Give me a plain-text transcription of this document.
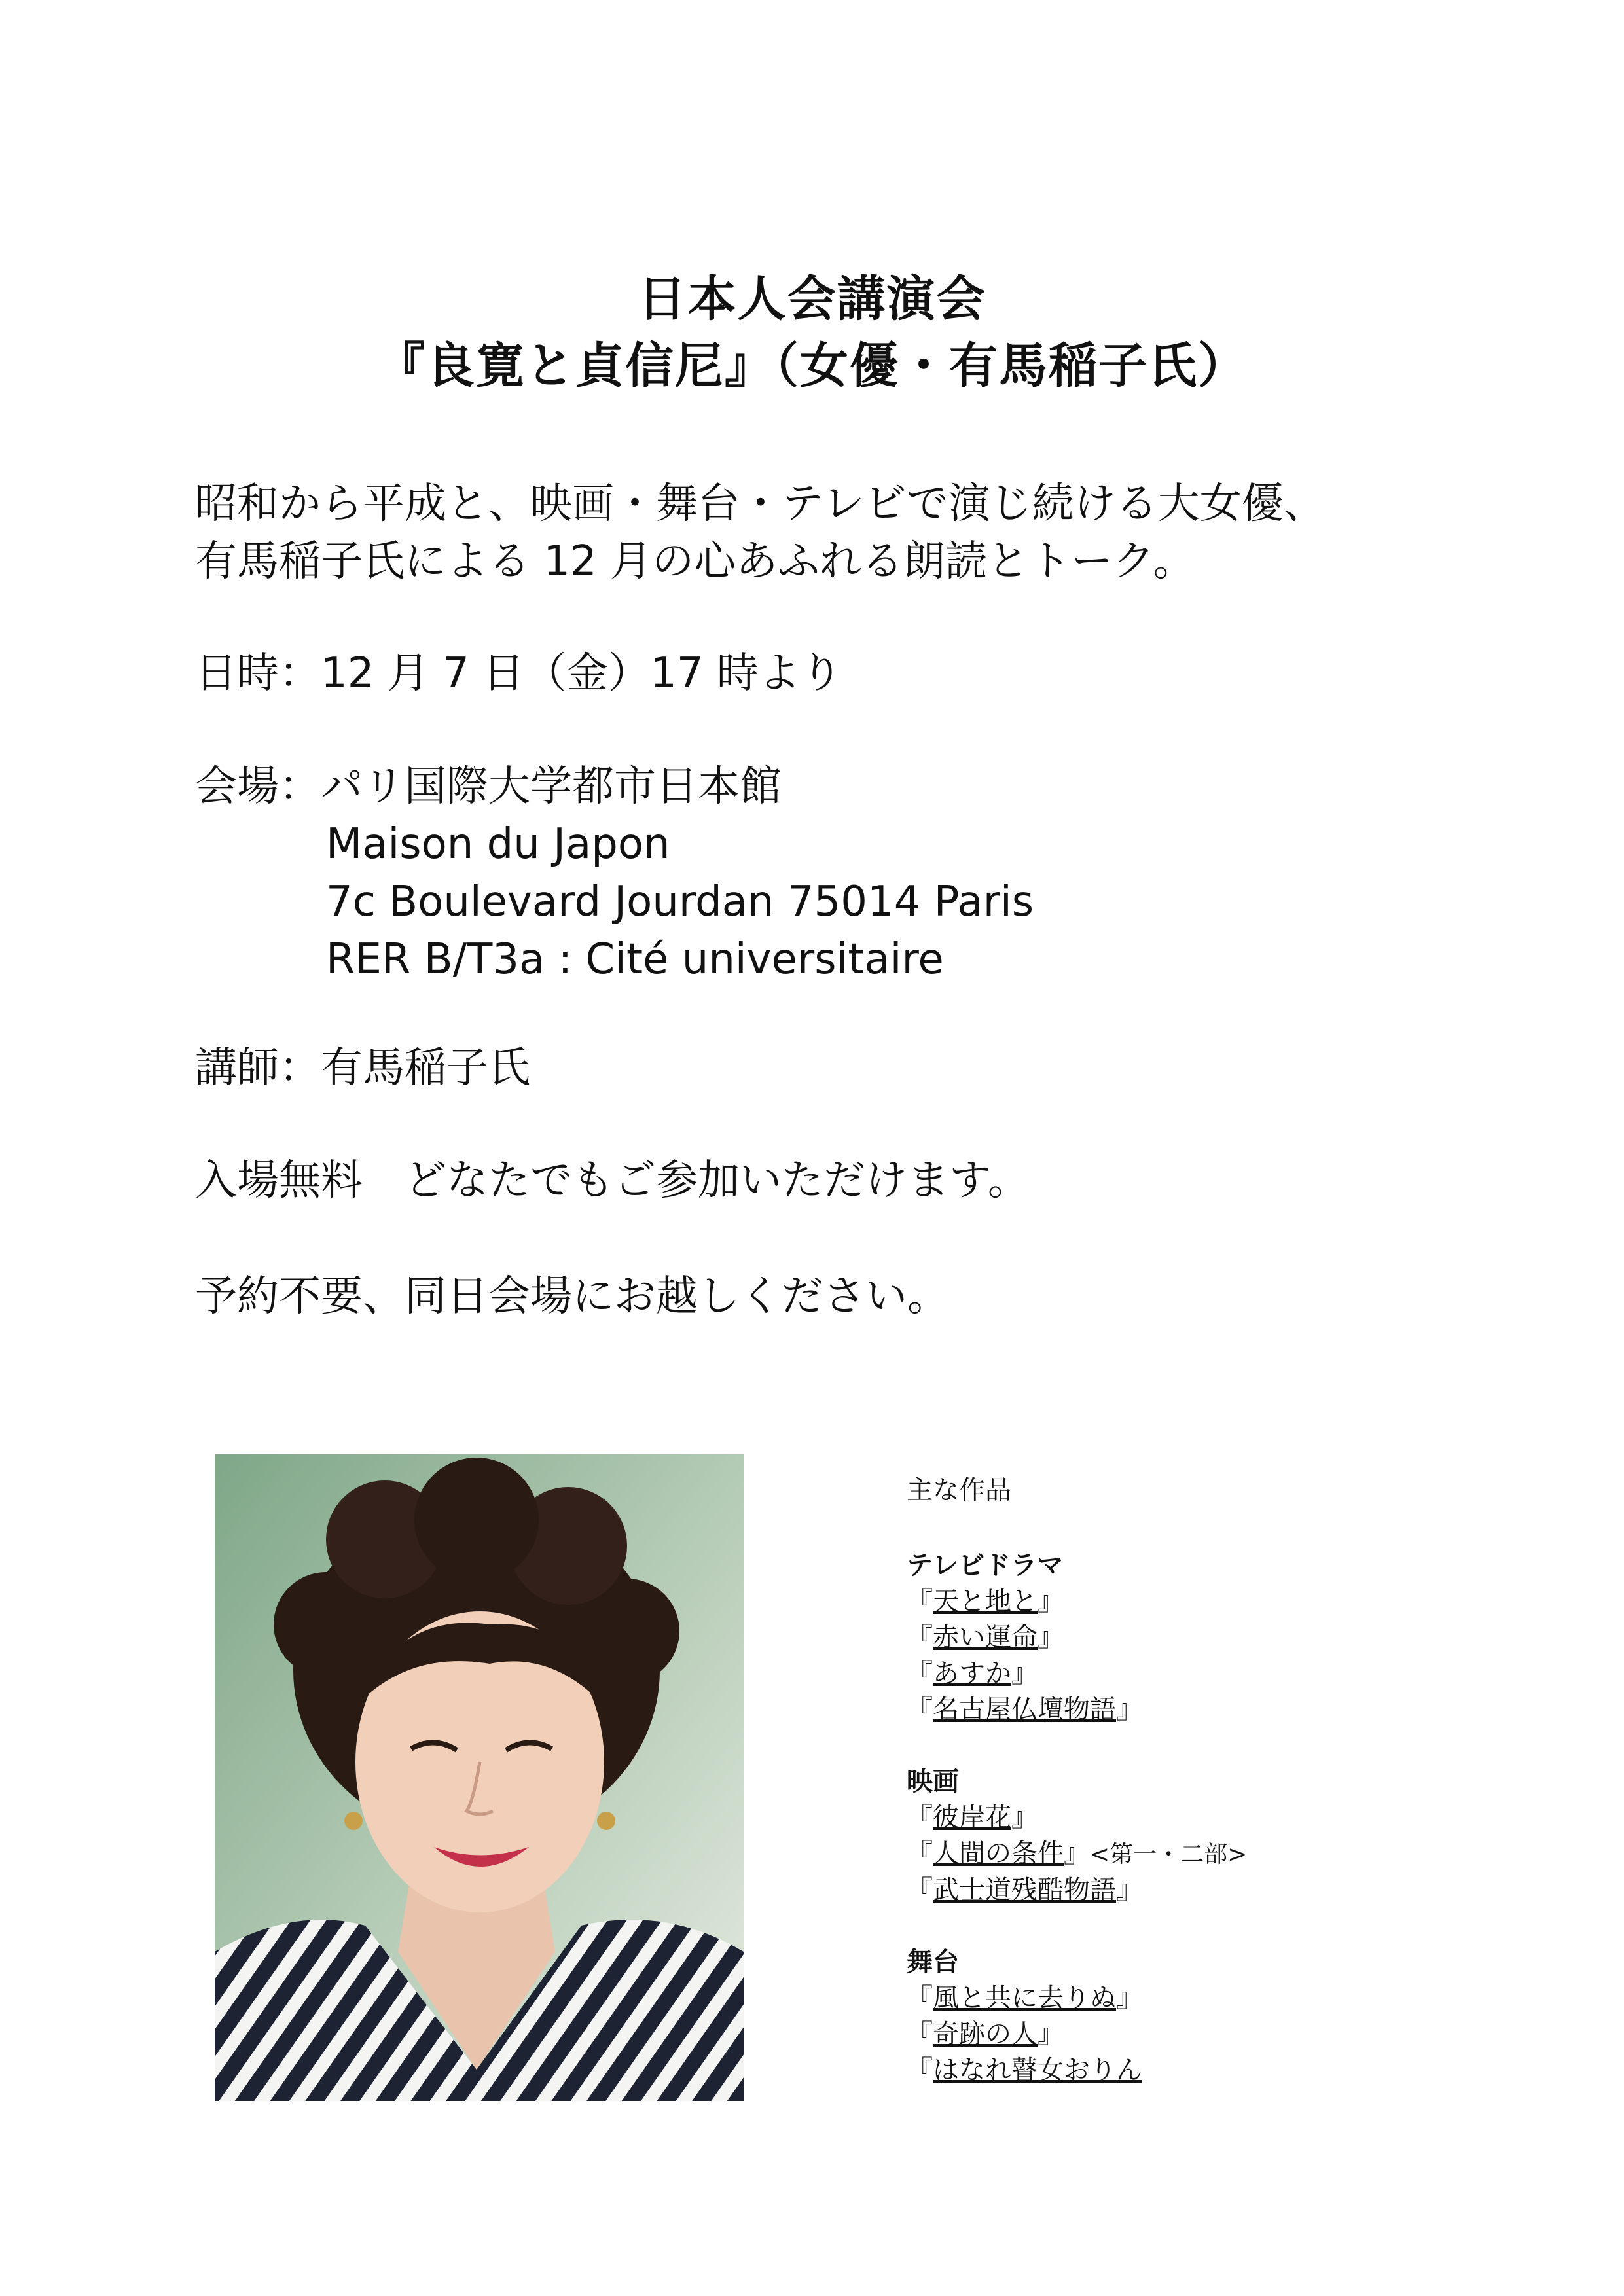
日本人会講演会
『良寛と貞信尼』（女優・有馬稲子氏）
昭和から平成と、映画・舞台・テレビで演じ続ける大女優、
有馬稲子氏による 12 月の心あふれる朗読とトーク。
日時：12 月 7 日（金）17 時より
会場：パリ国際大学都市日本館
Maison du Japon
7c Boulevard Jourdan 75014 Paris
RER B/T3a : Cité universitaire
講師：有馬稲子氏
入場無料　どなたでもご参加いただけます。
予約不要、同日会場にお越しください。
主な作品
テレビドラマ
『天と地と』
『赤い運命』
『あすか』
『名古屋仏壇物語』
映画
『彼岸花』
『人間の条件』<第一・二部>
『武士道残酷物語』
舞台
『風と共に去りぬ』
『奇跡の人』
『はなれ瞽女おりん
